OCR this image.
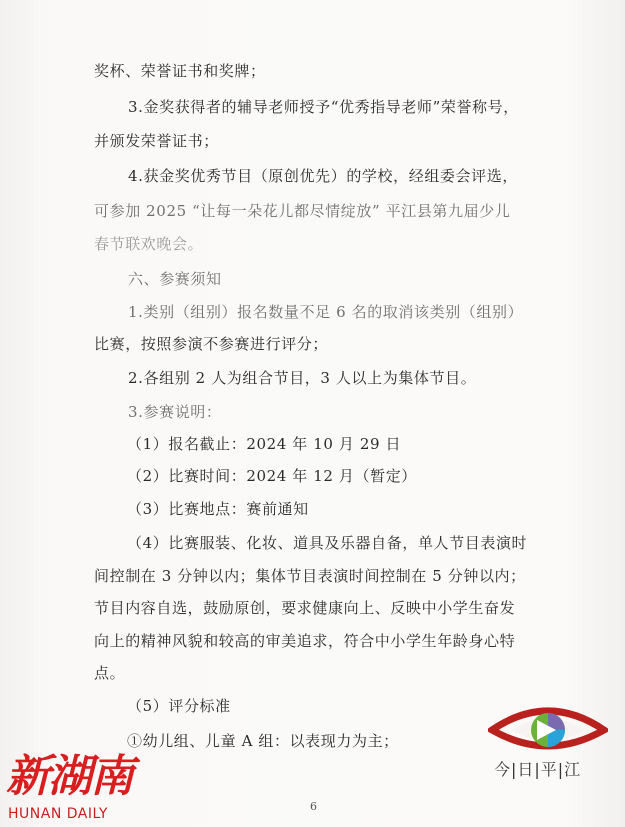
奖杯、荣誉证书和奖牌；
3.金奖获得者的辅导老师授予“优秀指导老师”荣誉称号，
并颁发荣誉证书；
4.获金奖优秀节目（原创优先）的学校，经组委会评选，
可参加 2025 “让每一朵花儿都尽情绽放” 平江县第九届少儿
春节联欢晚会。
六、参赛须知
1.类别（组别）报名数量不足 6 名的取消该类别（组别）
比赛，按照参演不参赛进行评分；
2.各组别 2 人为组合节目，3 人以上为集体节目。
3.参赛说明：
（1）报名截止：2024 年 10 月 29 日
（2）比赛时间：2024 年 12 月（暂定）
（3）比赛地点：赛前通知
（4）比赛服装、化妆、道具及乐器自备，单人节目表演时
间控制在 3 分钟以内；集体节目表演时间控制在 5 分钟以内；
节目内容自选，鼓励原创，要求健康向上、反映中小学生奋发
向上的精神风貌和较高的审美追求，符合中小学生年龄身心特
点。
（5）评分标准
①幼儿组、儿童 A 组：以表现力为主；
6
今|日|平|江
新湖南
HUNAN DAILY
